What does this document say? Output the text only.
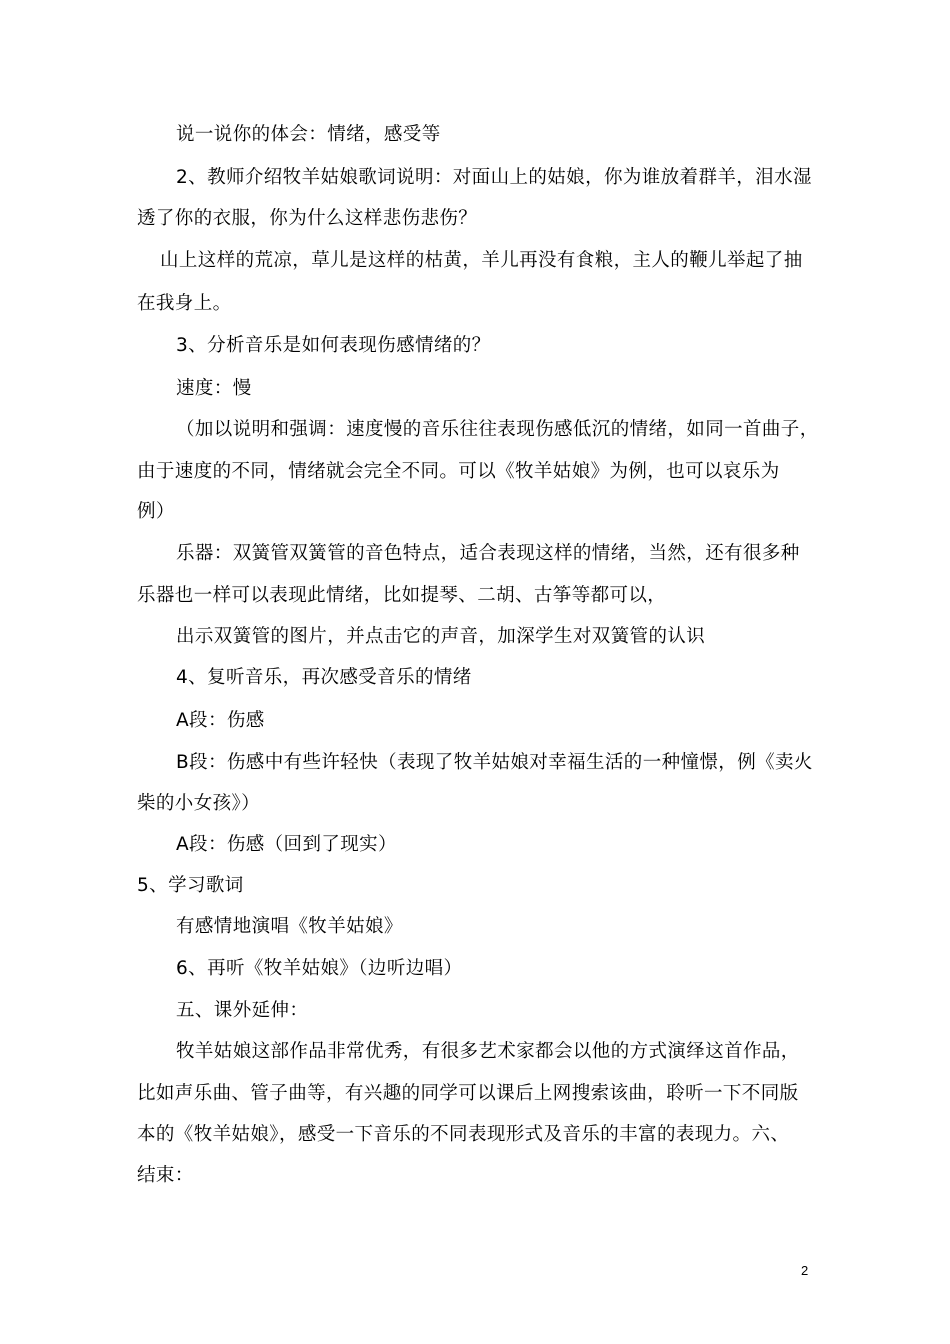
说一说你的体会：情绪，感受等
2、教师介绍牧羊姑娘歌词说明：对面山上的姑娘，你为谁放着群羊，泪水湿
透了你的衣服，你为什么这样悲伤悲伤？
山上这样的荒凉，草儿是这样的枯黄，羊儿再没有食粮，主人的鞭儿举起了抽
在我身上。
3、分析音乐是如何表现伤感情绪的？
速度：慢
（加以说明和强调：速度慢的音乐往往表现伤感低沉的情绪，如同一首曲子，
由于速度的不同，情绪就会完全不同。可以《牧羊姑娘》为例，也可以哀乐为
例）
乐器：双簧管双簧管的音色特点，适合表现这样的情绪，当然，还有很多种
乐器也一样可以表现此情绪，比如提琴、二胡、古筝等都可以，
出示双簧管的图片，并点击它的声音，加深学生对双簧管的认识
4、复听音乐，再次感受音乐的情绪
A段：伤感
B段：伤感中有些许轻快（表现了牧羊姑娘对幸福生活的一种憧憬，例《卖火
柴的小女孩》）
A段：伤感（回到了现实）
5、学习歌词
有感情地演唱《牧羊姑娘》
6、再听《牧羊姑娘》（边听边唱）
五、课外延伸：
牧羊姑娘这部作品非常优秀，有很多艺术家都会以他的方式演绎这首作品，
比如声乐曲、管子曲等，有兴趣的同学可以课后上网搜索该曲，聆听一下不同版
本的《牧羊姑娘》，感受一下音乐的不同表现形式及音乐的丰富的表现力。六、
结束：
2
